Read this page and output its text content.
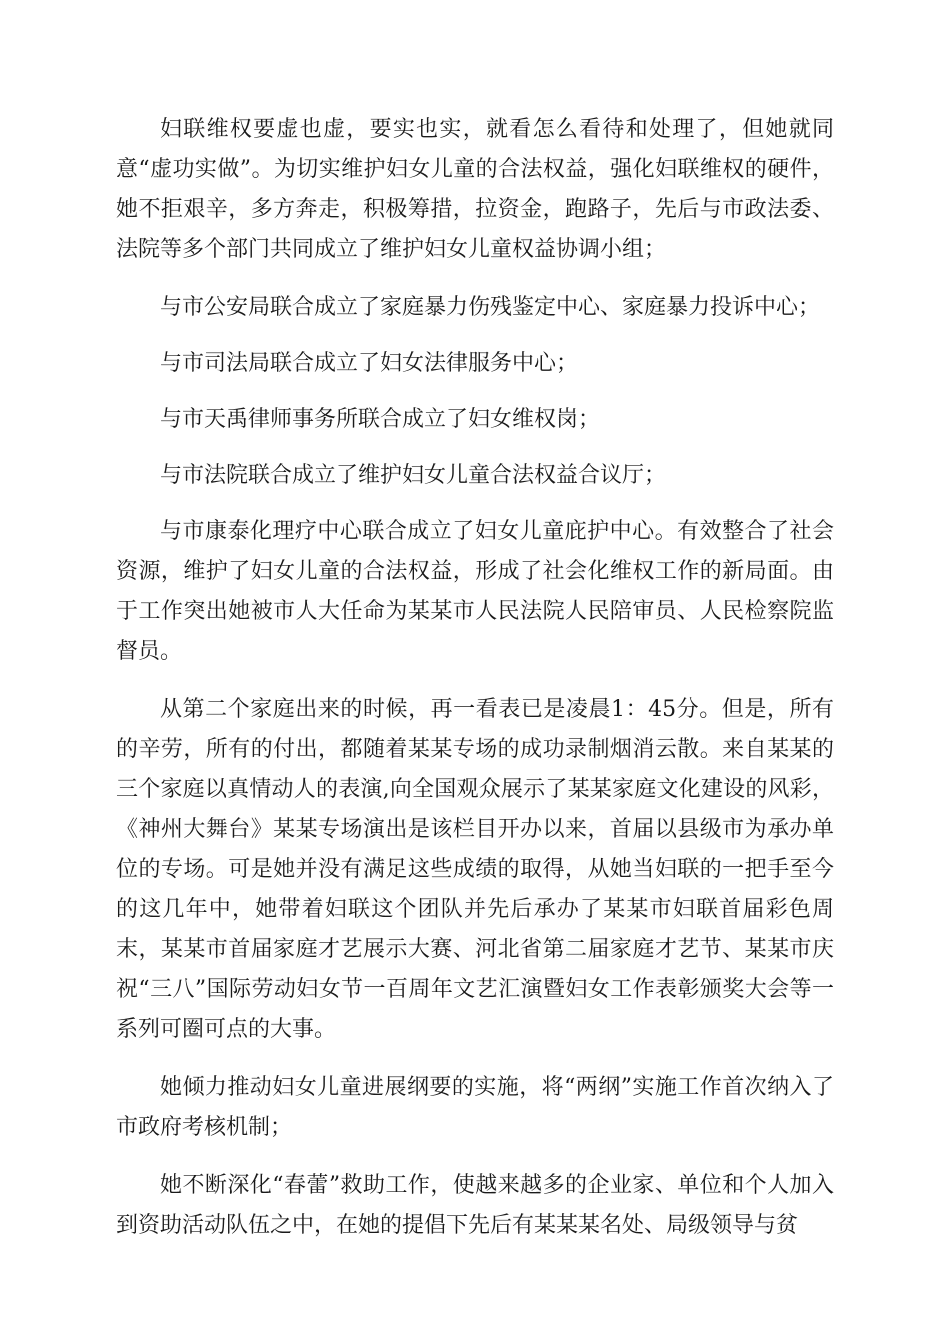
妇联维权要虚也虚，要实也实，就看怎么看待和处理了，但她就同意“虚功实做”。为切实维护妇女儿童的合法权益，强化妇联维权的硬件，她不拒艰辛，多方奔走，积极筹措，拉资金，跑路子，先后与市政法委、法院等多个部门共同成立了维护妇女儿童权益协调小组；

与市公安局联合成立了家庭暴力伤残鉴定中心、家庭暴力投诉中心；

与市司法局联合成立了妇女法律服务中心；

与市天禹律师事务所联合成立了妇女维权岗；

与市法院联合成立了维护妇女儿童合法权益合议厅；

与市康泰化理疗中心联合成立了妇女儿童庇护中心。有效整合了社会资源，维护了妇女儿童的合法权益，形成了社会化维权工作的新局面。由于工作突出她被市人大任命为某某市人民法院人民陪审员、人民检察院监督员。

从第二个家庭出来的时候，再一看表已是凌晨1：45分。但是，所有的辛劳，所有的付出，都随着某某专场的成功录制烟消云散。来自某某的三个家庭以真情动人的表演,向全国观众展示了某某家庭文化建设的风彩，《神州大舞台》某某专场演出是该栏目开办以来，首届以县级市为承办单位的专场。可是她并没有满足这些成绩的取得，从她当妇联的一把手至今的这几年中，她带着妇联这个团队并先后承办了某某市妇联首届彩色周末，某某市首届家庭才艺展示大赛、河北省第二届家庭才艺节、某某市庆祝“三八”国际劳动妇女节一百周年文艺汇演暨妇女工作表彰颁奖大会等一系列可圈可点的大事。

她倾力推动妇女儿童进展纲要的实施，将“两纲”实施工作首次纳入了市政府考核机制；

她不断深化“春蕾”救助工作，使越来越多的企业家、单位和个人加入到资助活动队伍之中，在她的提倡下先后有某某某名处、局级领导与贫
